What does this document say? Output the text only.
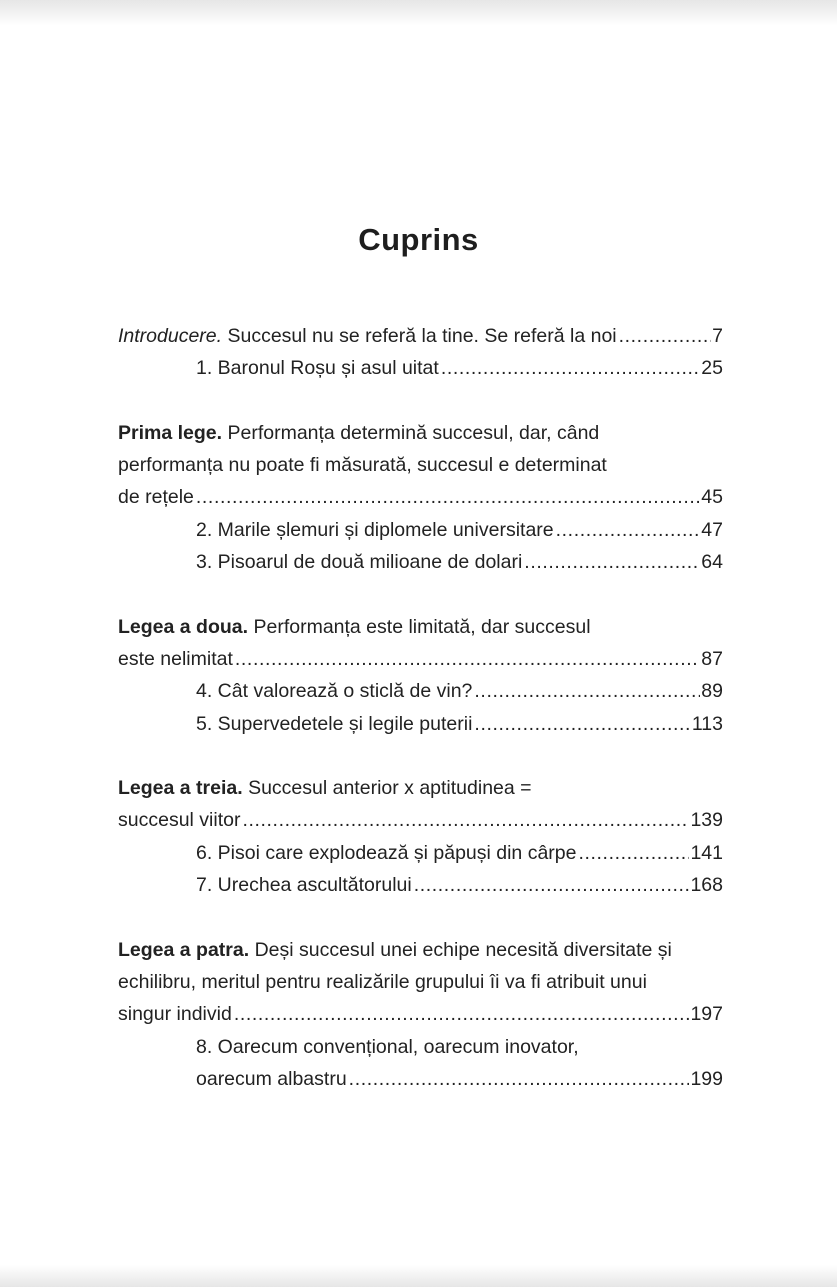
Cuprins
Introducere. Succesul nu se referă la tine. Se referă la noi .....	7
1. Baronul Roșu și asul uitat .....	25
Prima lege. Performanța determină succesul, dar, când
performanța nu poate fi măsurată, succesul e determinat
de rețele .....	45
2. Marile șlemuri și diplomele universitare .....	47
3. Pisoarul de două milioane de dolari .....	64
Legea a doua. Performanța este limitată, dar succesul
este nelimitat .....	87
4. Cât valorează o sticlă de vin? .....	89
5. Supervedetele și legile puterii .....	113
Legea a treia. Succesul anterior x aptitudinea =
succesul viitor .....	139
6. Pisoi care explodează și păpuși din cârpe .....	141
7. Urechea ascultătorului .....	168
Legea a patra. Deși succesul unei echipe necesită diversitate și
echilibru, meritul pentru realizările grupului îi va fi atribuit unui
singur individ .....	197
8. Oarecum convențional, oarecum inovator,
oarecum albastru .....	199
